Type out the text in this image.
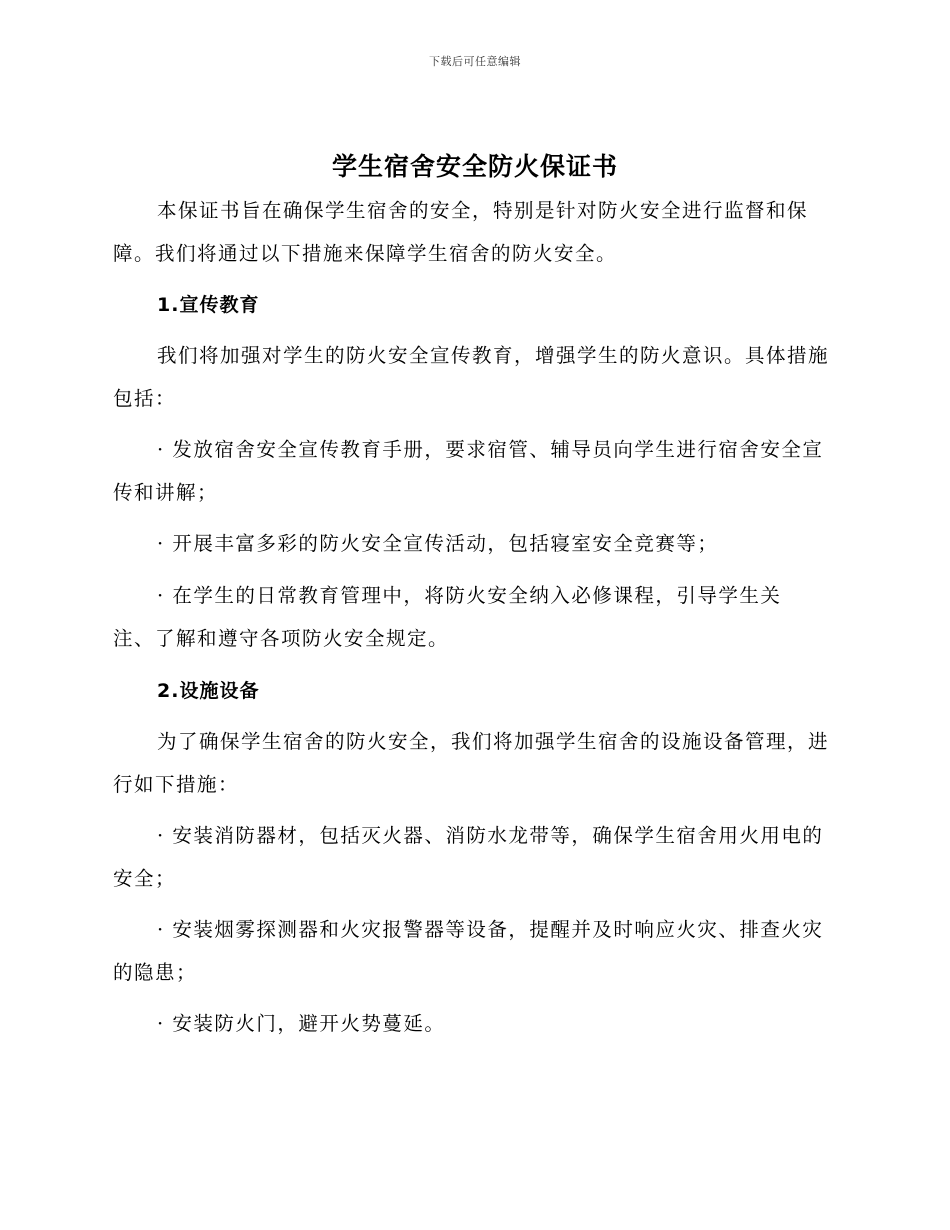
下载后可任意编辑
学生宿舍安全防火保证书

本保证书旨在确保学生宿舍的安全，特别是针对防火安全进行监督和保障。我们将通过以下措施来保障学生宿舍的防火安全。

1.宣传教育

我们将加强对学生的防火安全宣传教育，增强学生的防火意识。具体措施包括：

· 发放宿舍安全宣传教育手册，要求宿管、辅导员向学生进行宿舍安全宣传和讲解；

· 开展丰富多彩的防火安全宣传活动，包括寝室安全竞赛等；

· 在学生的日常教育管理中，将防火安全纳入必修课程，引导学生关注、了解和遵守各项防火安全规定。

2.设施设备

为了确保学生宿舍的防火安全，我们将加强学生宿舍的设施设备管理，进行如下措施：

· 安装消防器材，包括灭火器、消防水龙带等，确保学生宿舍用火用电的安全；

· 安装烟雾探测器和火灾报警器等设备，提醒并及时响应火灾、排查火灾的隐患；

· 安装防火门，避开火势蔓延。
